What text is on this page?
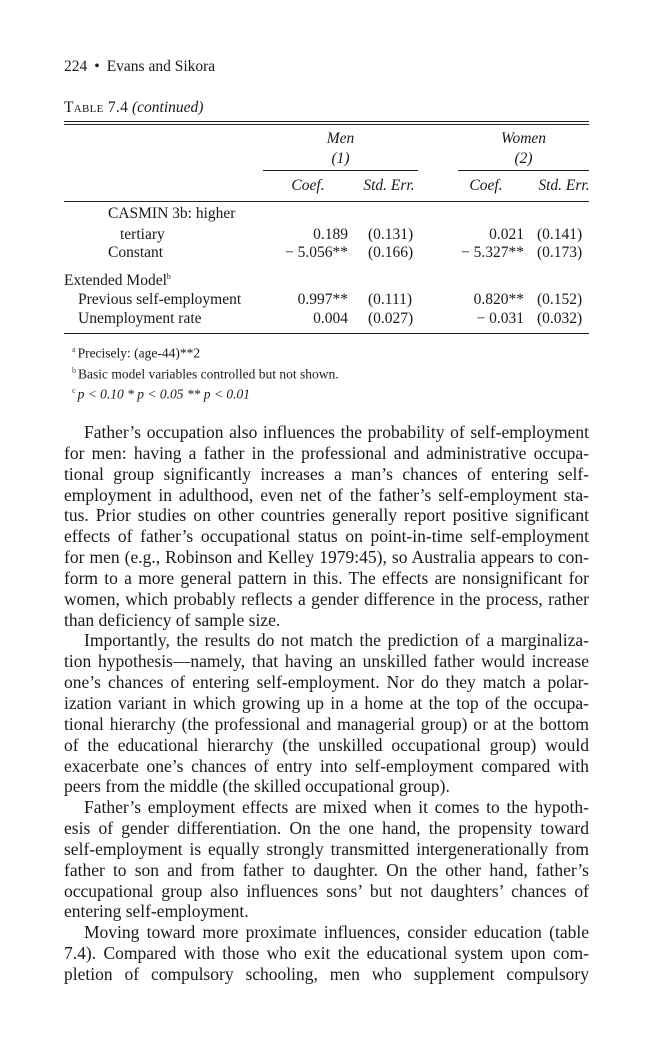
224 • Evans and Sikora
Table 7.4 (continued)
Men
(1)
Women
(2)
Coef.	Std. Err.	Coef.	Std. Err.
CASMIN 3b: higher
tertiary	0.189 (0.131)	0.021 (0.141)
Constant	− 5.056** (0.166)	− 5.327** (0.173)
Extended Model$^b$
Previous self-employment	0.997** (0.111)	0.820** (0.152)
Unemployment rate	0.004 (0.027)	− 0.031 (0.032)
$^a$ Precisely: (age-44)**2
$^b$ Basic model variables controlled but not shown.
$^c$ p < 0.10 * p < 0.05 ** p < 0.01
Father’s occupation also influences the probability of self-employment
for men: having a father in the professional and administrative occupa-
tional group significantly increases a man’s chances of entering self-
employment in adulthood, even net of the father’s self-employment sta-
tus. Prior studies on other countries generally report positive significant
effects of father’s occupational status on point-in-time self-employment
for men (e.g., Robinson and Kelley 1979:45), so Australia appears to con-
form to a more general pattern in this. The effects are nonsignificant for
women, which probably reflects a gender difference in the process, rather
than deficiency of sample size.
Importantly, the results do not match the prediction of a marginaliza-
tion hypothesis—namely, that having an unskilled father would increase
one’s chances of entering self-employment. Nor do they match a polar-
ization variant in which growing up in a home at the top of the occupa-
tional hierarchy (the professional and managerial group) or at the bottom
of the educational hierarchy (the unskilled occupational group) would
exacerbate one’s chances of entry into self-employment compared with
peers from the middle (the skilled occupational group).
Father’s employment effects are mixed when it comes to the hypoth-
esis of gender differentiation. On the one hand, the propensity toward
self-employment is equally strongly transmitted intergenerationally from
father to son and from father to daughter. On the other hand, father’s
occupational group also influences sons’ but not daughters’ chances of
entering self-employment.
Moving toward more proximate influences, consider education (table
7.4). Compared with those who exit the educational system upon com-
pletion of compulsory schooling, men who supplement compulsory
